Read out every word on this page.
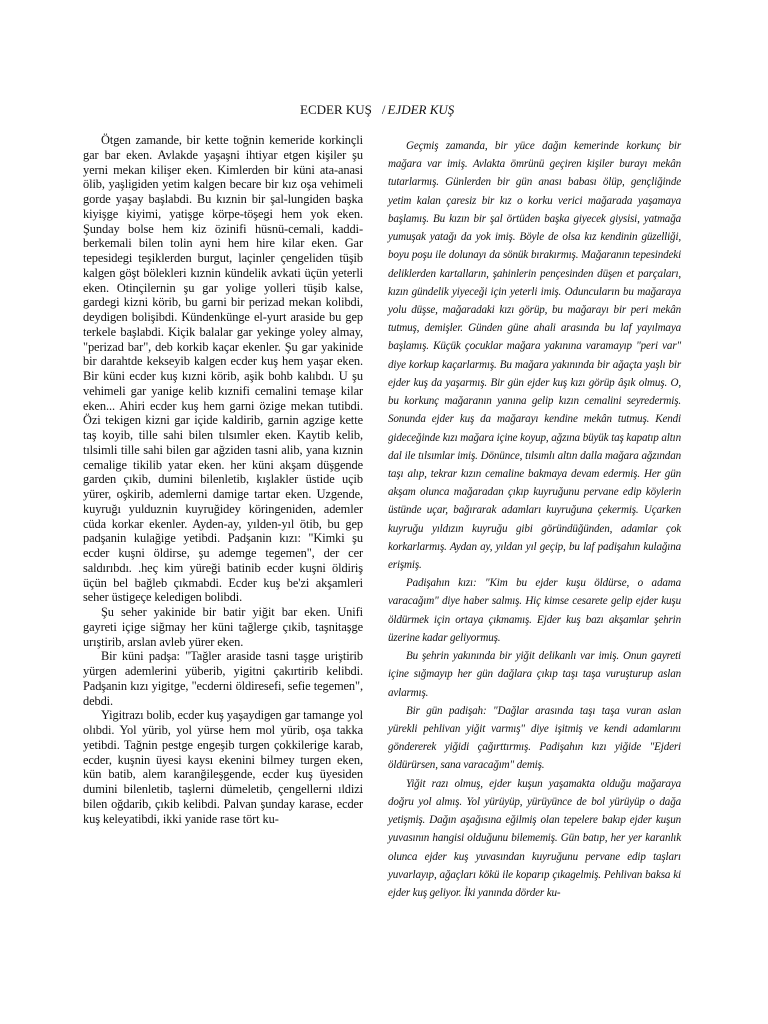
ECDER KUŞ / EJDER KUŞ

Ötgen zamande, bir kette toğnin kemeride korkinçli gar bar eken. Avlakde yaşaşni ihtiyar etgen kişiler şu yerni mekan kilişer eken. Kimlerden bir küni ata-anasi ölib, yaşligiden yetim kalgen becare bir kız oşa vehimeli gorde yaşay başlabdi. Bu kıznin bir şal-lungiden başka kiyişge kiyimi, yatişge körpe-töşegi hem yok eken. Şunday bolse hem kiz özinifi hüsnü-cemali, kaddi-berkemali bilen tolin ayni hem hire kilar eken. Gar tepesidegi teşiklerden burgut, laçinler çengeliden tüşib kalgen göşt bölekleri kıznin kündelik avkati üçün yeterli eken. Otinçilernin şu gar yolige yolleri tüşib kalse, gardegi kizni körib, bu garni bir perizad mekan kolibdi, deydigen bolişibdi. Kündenkünge el-yurt araside bu gep terkele başlabdi. Kiçik balalar gar yekinge yoley almay, "perizad bar", deb korkib kaçar ekenler. Şu gar yakinide bir darahtde kekseyib kalgen ecder kuş hem yaşar eken. Bir küni ecder kuş kızni körib, aşik bohb kalıbdı. U şu vehimeli gar yanige kelib kıznifi cemalini temaşe kilar eken... Ahiri ecder kuş hem garni özige mekan tutibdi. Özi tekigen kizni gar içide kaldirib, garnin agzige kette taş koyib, tille sahi bilen tılsımler eken. Kaytib kelib, tılsimli tille sahi bilen gar ağziden tasni alib, yana kıznin cemalige tikilib yatar eken. her küni akşam düşgende garden çıkib, dumini bilenletib, kışlakler üstide uçib yürer, oşkirib, ademlerni damige tartar eken. Uzgende, kuyruğı yulduznin kuyruğidey köringeniden, ademler cüda korkar ekenler. Ayden-ay, yılden-yıl ötib, bu gep padşanin kulağige yetibdi. Padşanin kızı: "Kimki şu ecder kuşni öldirse, şu ademge tegemen", der cer saldırıbdı. .heç kim yüreği batinib ecder kuşni öldiriş üçün bel bağleb çıkmabdi. Ecder kuş be'zi akşamleri seher üstigeçe keledigen bolibdi.

Şu seher yakinide bir batir yiğit bar eken. Unifi gayreti içige siğmay her küni tağlerge çıkib, taşnitaşge urıştirib, arslan avleb yürer eken.

Bir küni padşa: "Tağler araside tasni taşge uriştirib yürgen ademlerini yüberib, yigitni çakırtirib kelibdi. Padşanin kızı yigitge, "ecderni öldiresefi, sefie tegemen", debdi.

Yigitrazı bolib, ecder kuş yaşaydigen gar tamange yol olıbdi. Yol yürib, yol yürse hem mol yürib, oşa takka yetibdi. Tağnin pestge engeşib turgen çokkilerige karab, ecder, kuşnin üyesi kaysı ekenini bilmey turgen eken, kün batib, alem karanğileşgende, ecder kuş üyesiden dumini bilenletib, taşlerni dümeletib, çengellerni ıldizi bilen oğdarib, çıkib kelibdi. Palvan şunday karase, ecder kuş keleyatibdi, ikki yanide rase tört ku-

Geçmiş zamanda, bir yüce dağın kemerinde korkunç bir mağara var imiş. Avlakta ömrünü geçiren kişiler burayı mekân tutarlarmış. Günlerden bir gün anası babası ölüp, gençliğinde yetim kalan çaresiz bir kız o korku verici mağarada yaşamaya başlamış. Bu kızın bir şal örtüden başka giyecek giysisi, yatmağa yumuşak yatağı da yok imiş. Böyle de olsa kız kendinin güzelliği, boyu poşu ile dolunayı da sönük bırakırmış. Mağaranın tepesindeki deliklerden kartalların, şahinlerin pençesinden düşen et parçaları, kızın gündelik yiyeceği için yeterli imiş. Oduncuların bu mağaraya yolu düşse, mağaradaki kızı görüp, bu mağarayı bir peri mekân tutmuş, demişler. Günden güne ahali arasında bu laf yayılmaya başlamış. Küçük çocuklar mağara yakınına varamayıp "peri var" diye korkup kaçarlarmış. Bu mağara yakınında bir ağaçta yaşlı bir ejder kuş da yaşarmış. Bir gün ejder kuş kızı görüp âşık olmuş. O, bu korkunç mağaranın yanına gelip kızın cemalini seyredermiş. Sonunda ejder kuş da mağarayı kendine mekân tutmuş. Kendi gideceğinde kızı mağara içine koyup, ağzına büyük taş kapatıp altın dal ile tılsımlar imiş. Dönünce, tılsımlı altın dalla mağara ağzından taşı alıp, tekrar kızın cemaline bakmaya devam edermiş. Her gün akşam olunca mağaradan çıkıp kuyruğunu pervane edip köylerin üstünde uçar, bağırarak adamları kuyruğuna çekermiş. Uçarken kuyruğu yıldızın kuyruğu gibi göründüğünden, adamlar çok korkarlarmış. Aydan ay, yıldan yıl geçip, bu laf padişahın kulağına erişmiş.

Padişahın kızı: "Kim bu ejder kuşu öldürse, o adama varacağım" diye haber salmış. Hiç kimse cesarete gelip ejder kuşu öldürmek için ortaya çıkmamış. Ejder kuş bazı akşamlar şehrin üzerine kadar geliyormuş.

Bu şehrin yakınında bir yiğit delikanlı var imiş. Onun gayreti içine sığmayıp her gün dağlara çıkıp taşı taşa vuruşturup aslan avlarmış.

Bir gün padişah: "Dağlar arasında taşı taşa vuran aslan yürekli pehlivan yiğit varmış" diye işitmiş ve kendi adamlarını göndererek yiğidi çağırttırmış. Padişahın kızı yiğide "Ejderi öldürürsen, sana varacağım" demiş.

Yiğit razı olmuş, ejder kuşun yaşamakta olduğu mağaraya doğru yol almış. Yol yürüyüp, yürüyünce de bol yürüyüp o dağa yetişmiş. Dağın aşağısına eğilmiş olan tepelere bakıp ejder kuşun yuvasının hangisi olduğunu bilememiş. Gün batıp, her yer karanlık olunca ejder kuş yuvasından kuyruğunu pervane edip taşları yuvarlayıp, ağaçları kökü ile koparıp çıkagelmiş. Pehlivan baksa ki ejder kuş geliyor. İki yanında dörder ku-
